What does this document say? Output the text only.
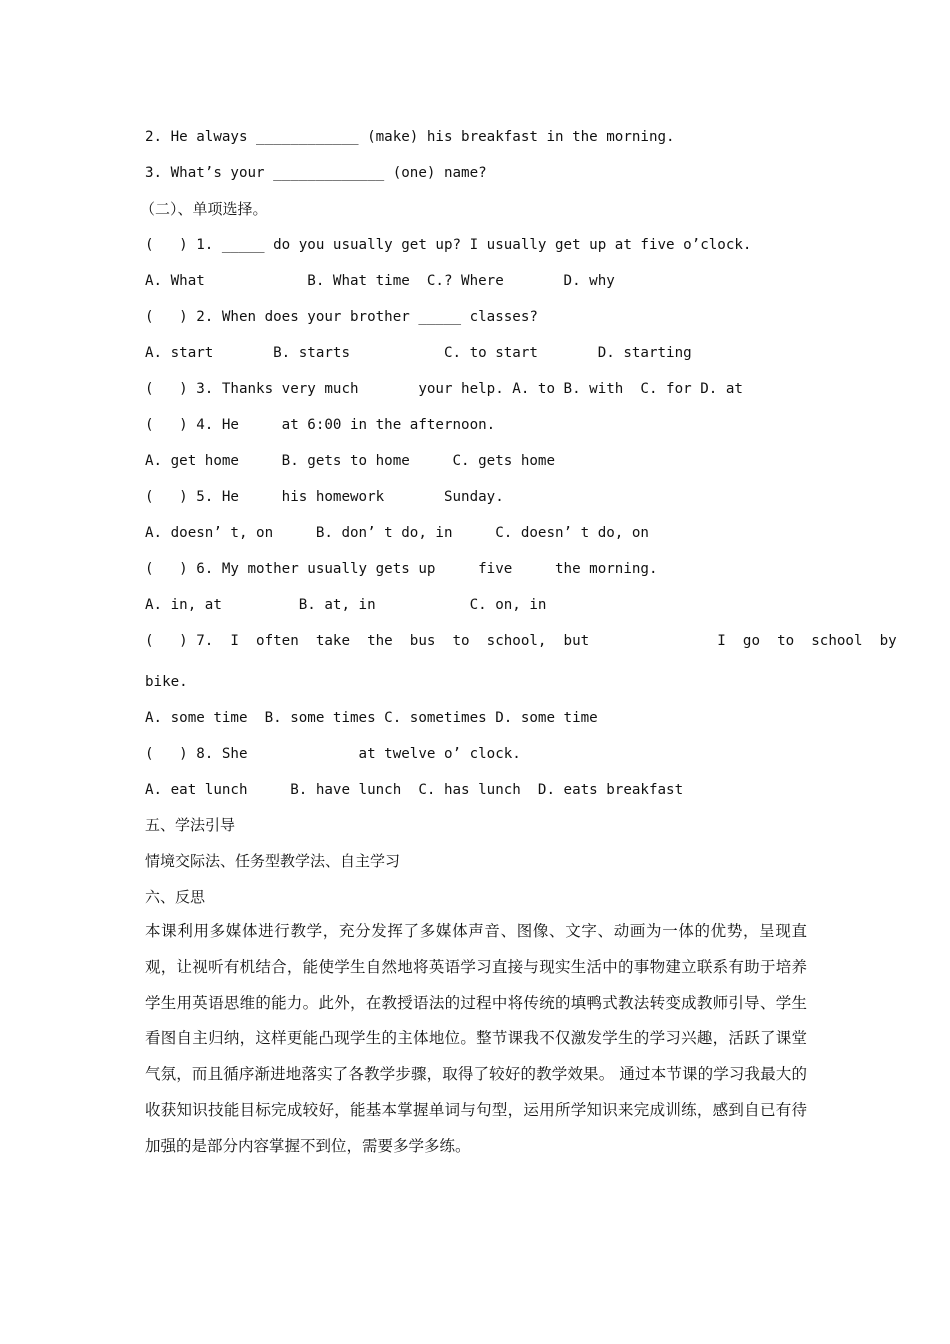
2. He always ____________ (make) his breakfast in the morning.
3. What’s your _____________ (one) name?
（二）、单项选择。
(   ) 1. _____ do you usually get up? I usually get up at five o’clock.
A. What            B. What time  C.? Where       D. why
(   ) 2. When does your brother _____ classes?
A. start       B. starts           C. to start       D. starting
(   ) 3. Thanks very much       your help. A. to B. with  C. for D. at
(   ) 4. He     at 6:00 in the afternoon.
A. get home     B. gets to home     C. gets home
(   ) 5. He     his homework       Sunday.
A. doesn’ t, on     B. don’ t do, in     C. doesn’ t do, on
(   ) 6. My mother usually gets up     five     the morning.
A. in, at         B. at, in           C. on, in
(   ) 7.  I  often  take  the  bus  to  school,  but               I  go  to  school  by
bike.
A. some time  B. some times C. sometimes D. some time
(   ) 8. She             at twelve o’ clock.
A. eat lunch     B. have lunch  C. has lunch  D. eats breakfast
五、学法引导
情境交际法、任务型教学法、自主学习
六、反思
本课利用多媒体进行教学，充分发挥了多媒体声音、图像、文字、动画为一体的优势，呈现直观，让视听有机结合，能使学生自然地将英语学习直接与现实生活中的事物建立联系有助于培养学生用英语思维的能力。此外，在教授语法的过程中将传统的填鸭式教法转变成教师引导、学生看图自主归纳，这样更能凸现学生的主体地位。整节课我不仅激发学生的学习兴趣，活跃了课堂气氛，而且循序渐进地落实了各教学步骤，取得了较好的教学效果。 通过本节课的学习我最大的收获知识技能目标完成较好，能基本掌握单词与句型，运用所学知识来完成训练，感到自已有待加强的是部分内容掌握不到位，需要多学多练。
